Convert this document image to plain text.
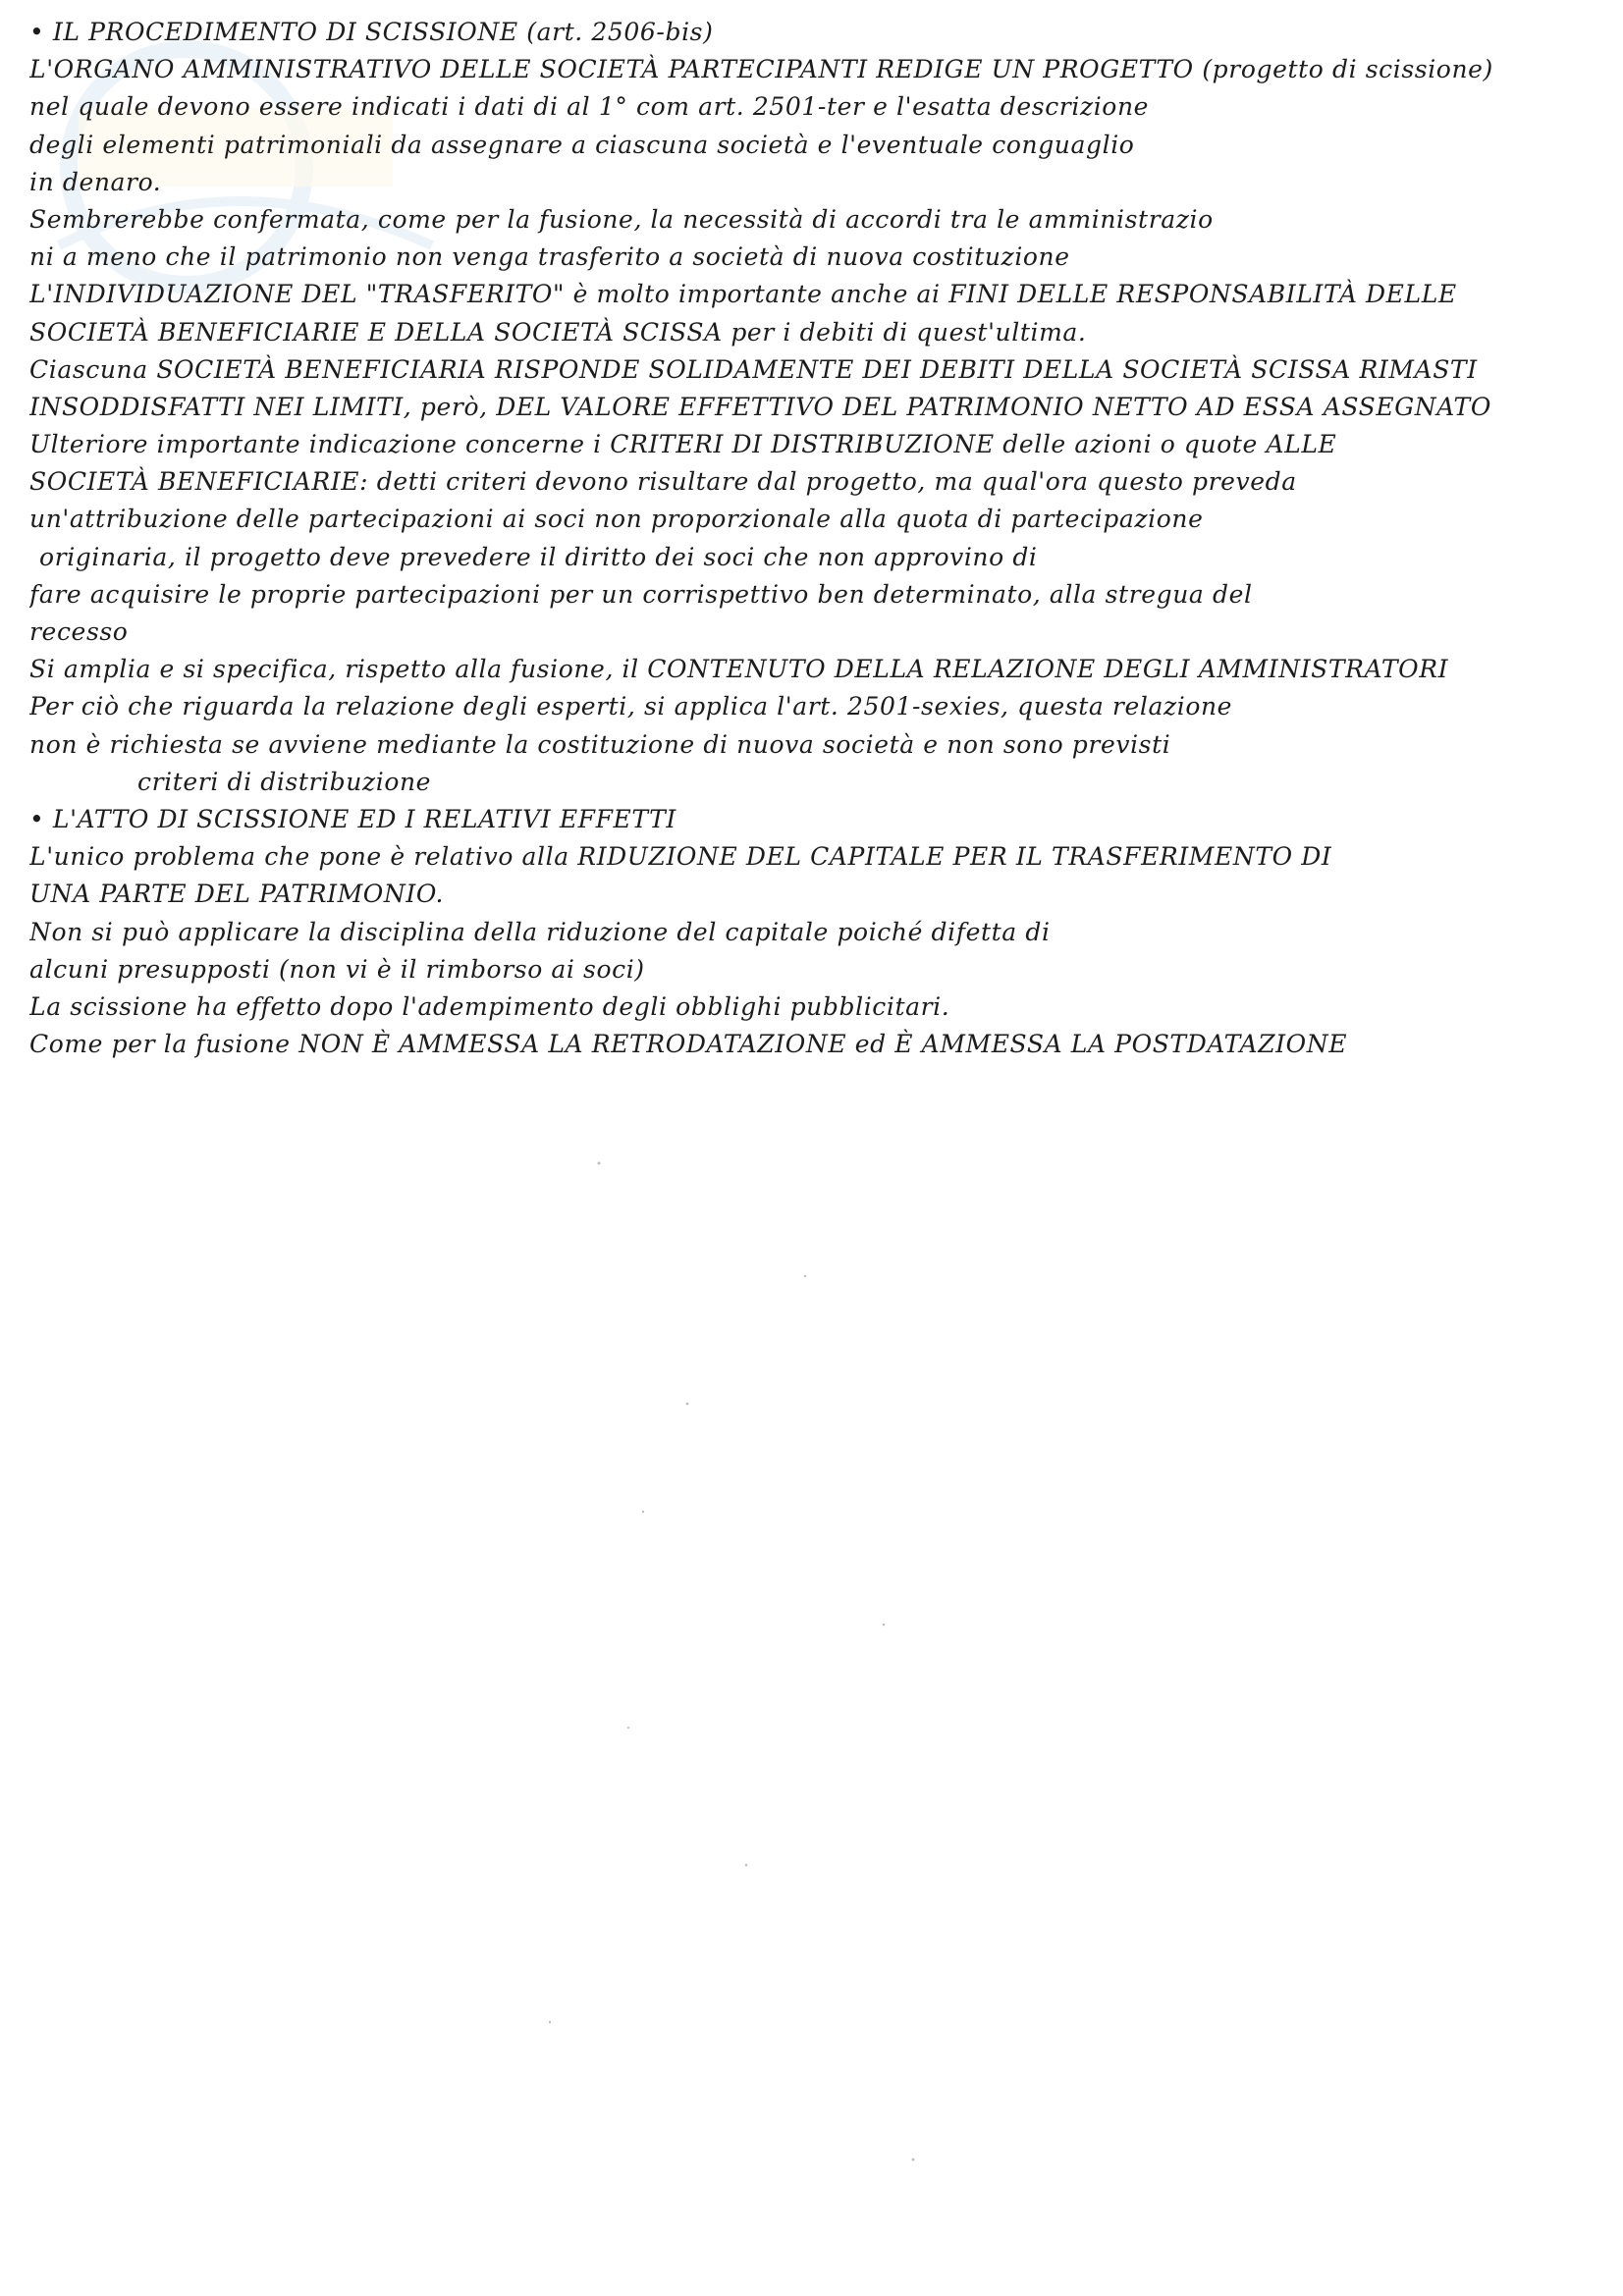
• IL PROCEDIMENTO DI SCISSIONE (art. 2506-bis)
L'ORGANO AMMINISTRATIVO DELLE SOCIETÀ PARTECIPANTI REDIGE UN PROGETTO (progetto di scissione)
nel quale devono essere indicati i dati di al 1° com art. 2501-ter e l'esatta descrizione
degli elementi patrimoniali da assegnare a ciascuna società e l'eventuale conguaglio
in denaro.
Sembrerebbe confermata, come per la fusione, la necessità di accordi tra le amministrazio
ni a meno che il patrimonio non venga trasferito a società di nuova costituzione
L'INDIVIDUAZIONE DEL "TRASFERITO" è molto importante anche ai FINI DELLE RESPONSABILITÀ DELLE
SOCIETÀ BENEFICIARIE E DELLA SOCIETÀ SCISSA per i debiti di quest'ultima.
Ciascuna SOCIETÀ BENEFICIARIA RISPONDE SOLIDAMENTE DEI DEBITI DELLA SOCIETÀ SCISSA RIMASTI
INSODDISFATTI NEI LIMITI, però, DEL VALORE EFFETTIVO DEL PATRIMONIO NETTO AD ESSA ASSEGNATO
Ulteriore importante indicazione concerne i CRITERI DI DISTRIBUZIONE delle azioni o quote ALLE
SOCIETÀ BENEFICIARIE: detti criteri devono risultare dal progetto, ma qual'ora questo preveda
un'attribuzione delle partecipazioni ai soci non proporzionale alla quota di partecipazione
originaria, il progetto deve prevedere il diritto dei soci che non approvino di
fare acquisire le proprie partecipazioni per un corrispettivo ben determinato, alla stregua del
recesso
Si amplia e si specifica, rispetto alla fusione, il CONTENUTO DELLA RELAZIONE DEGLI AMMINISTRATORI
Per ciò che riguarda la relazione degli esperti, si applica l'art. 2501-sexies, questa relazione
non è richiesta se avviene mediante la costituzione di nuova società e non sono previsti
criteri di distribuzione
• L'ATTO DI SCISSIONE ED I RELATIVI EFFETTI
L'unico problema che pone è relativo alla RIDUZIONE DEL CAPITALE PER IL TRASFERIMENTO DI
UNA PARTE DEL PATRIMONIO.
Non si può applicare la disciplina della riduzione del capitale poiché difetta di
alcuni presupposti (non vi è il rimborso ai soci)
La scissione ha effetto dopo l'adempimento degli obblighi pubblicitari.
Come per la fusione NON È AMMESSA LA RETRODATAZIONE ed È AMMESSA LA POSTDATAZIONE
